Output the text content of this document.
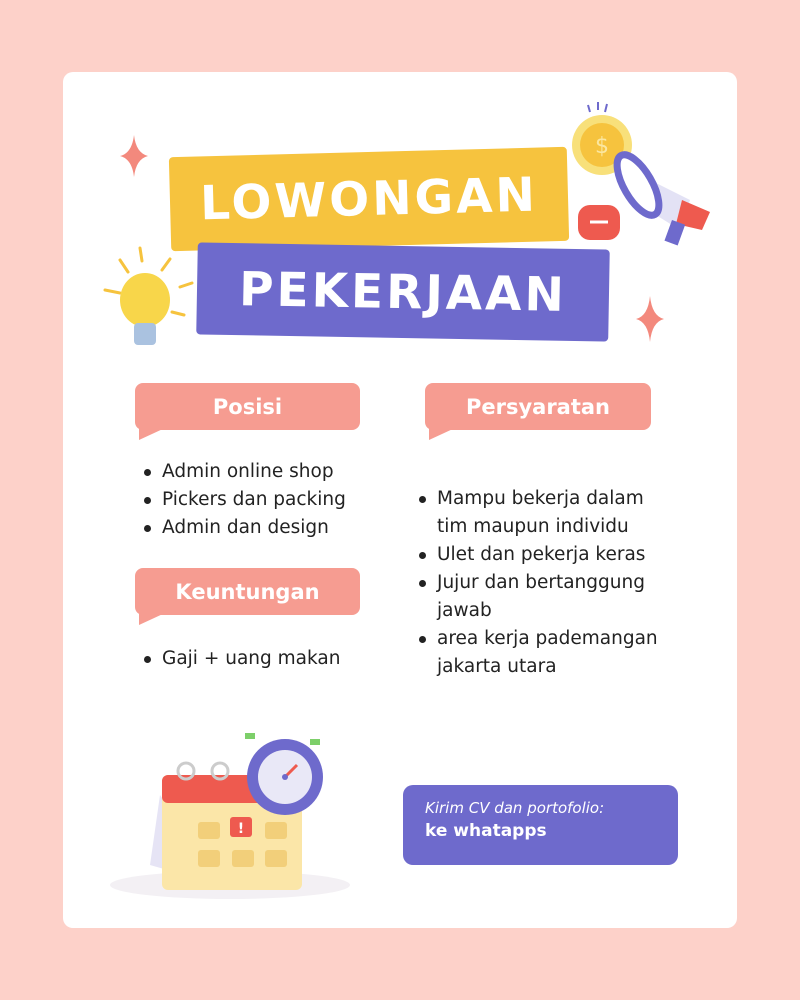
LOWONGAN
PEKERJAAN
$
Posisi
Admin online shop
Pickers dan packing
Admin dan design
Keuntungan
Gaji + uang makan
Persyaratan
Mampu bekerja dalam tim maupun individu
Ulet dan pekerja keras
Jujur dan bertanggung jawab
area kerja pademangan jakarta utara
!
Kirim CV dan portofolio:
ke whatapps
